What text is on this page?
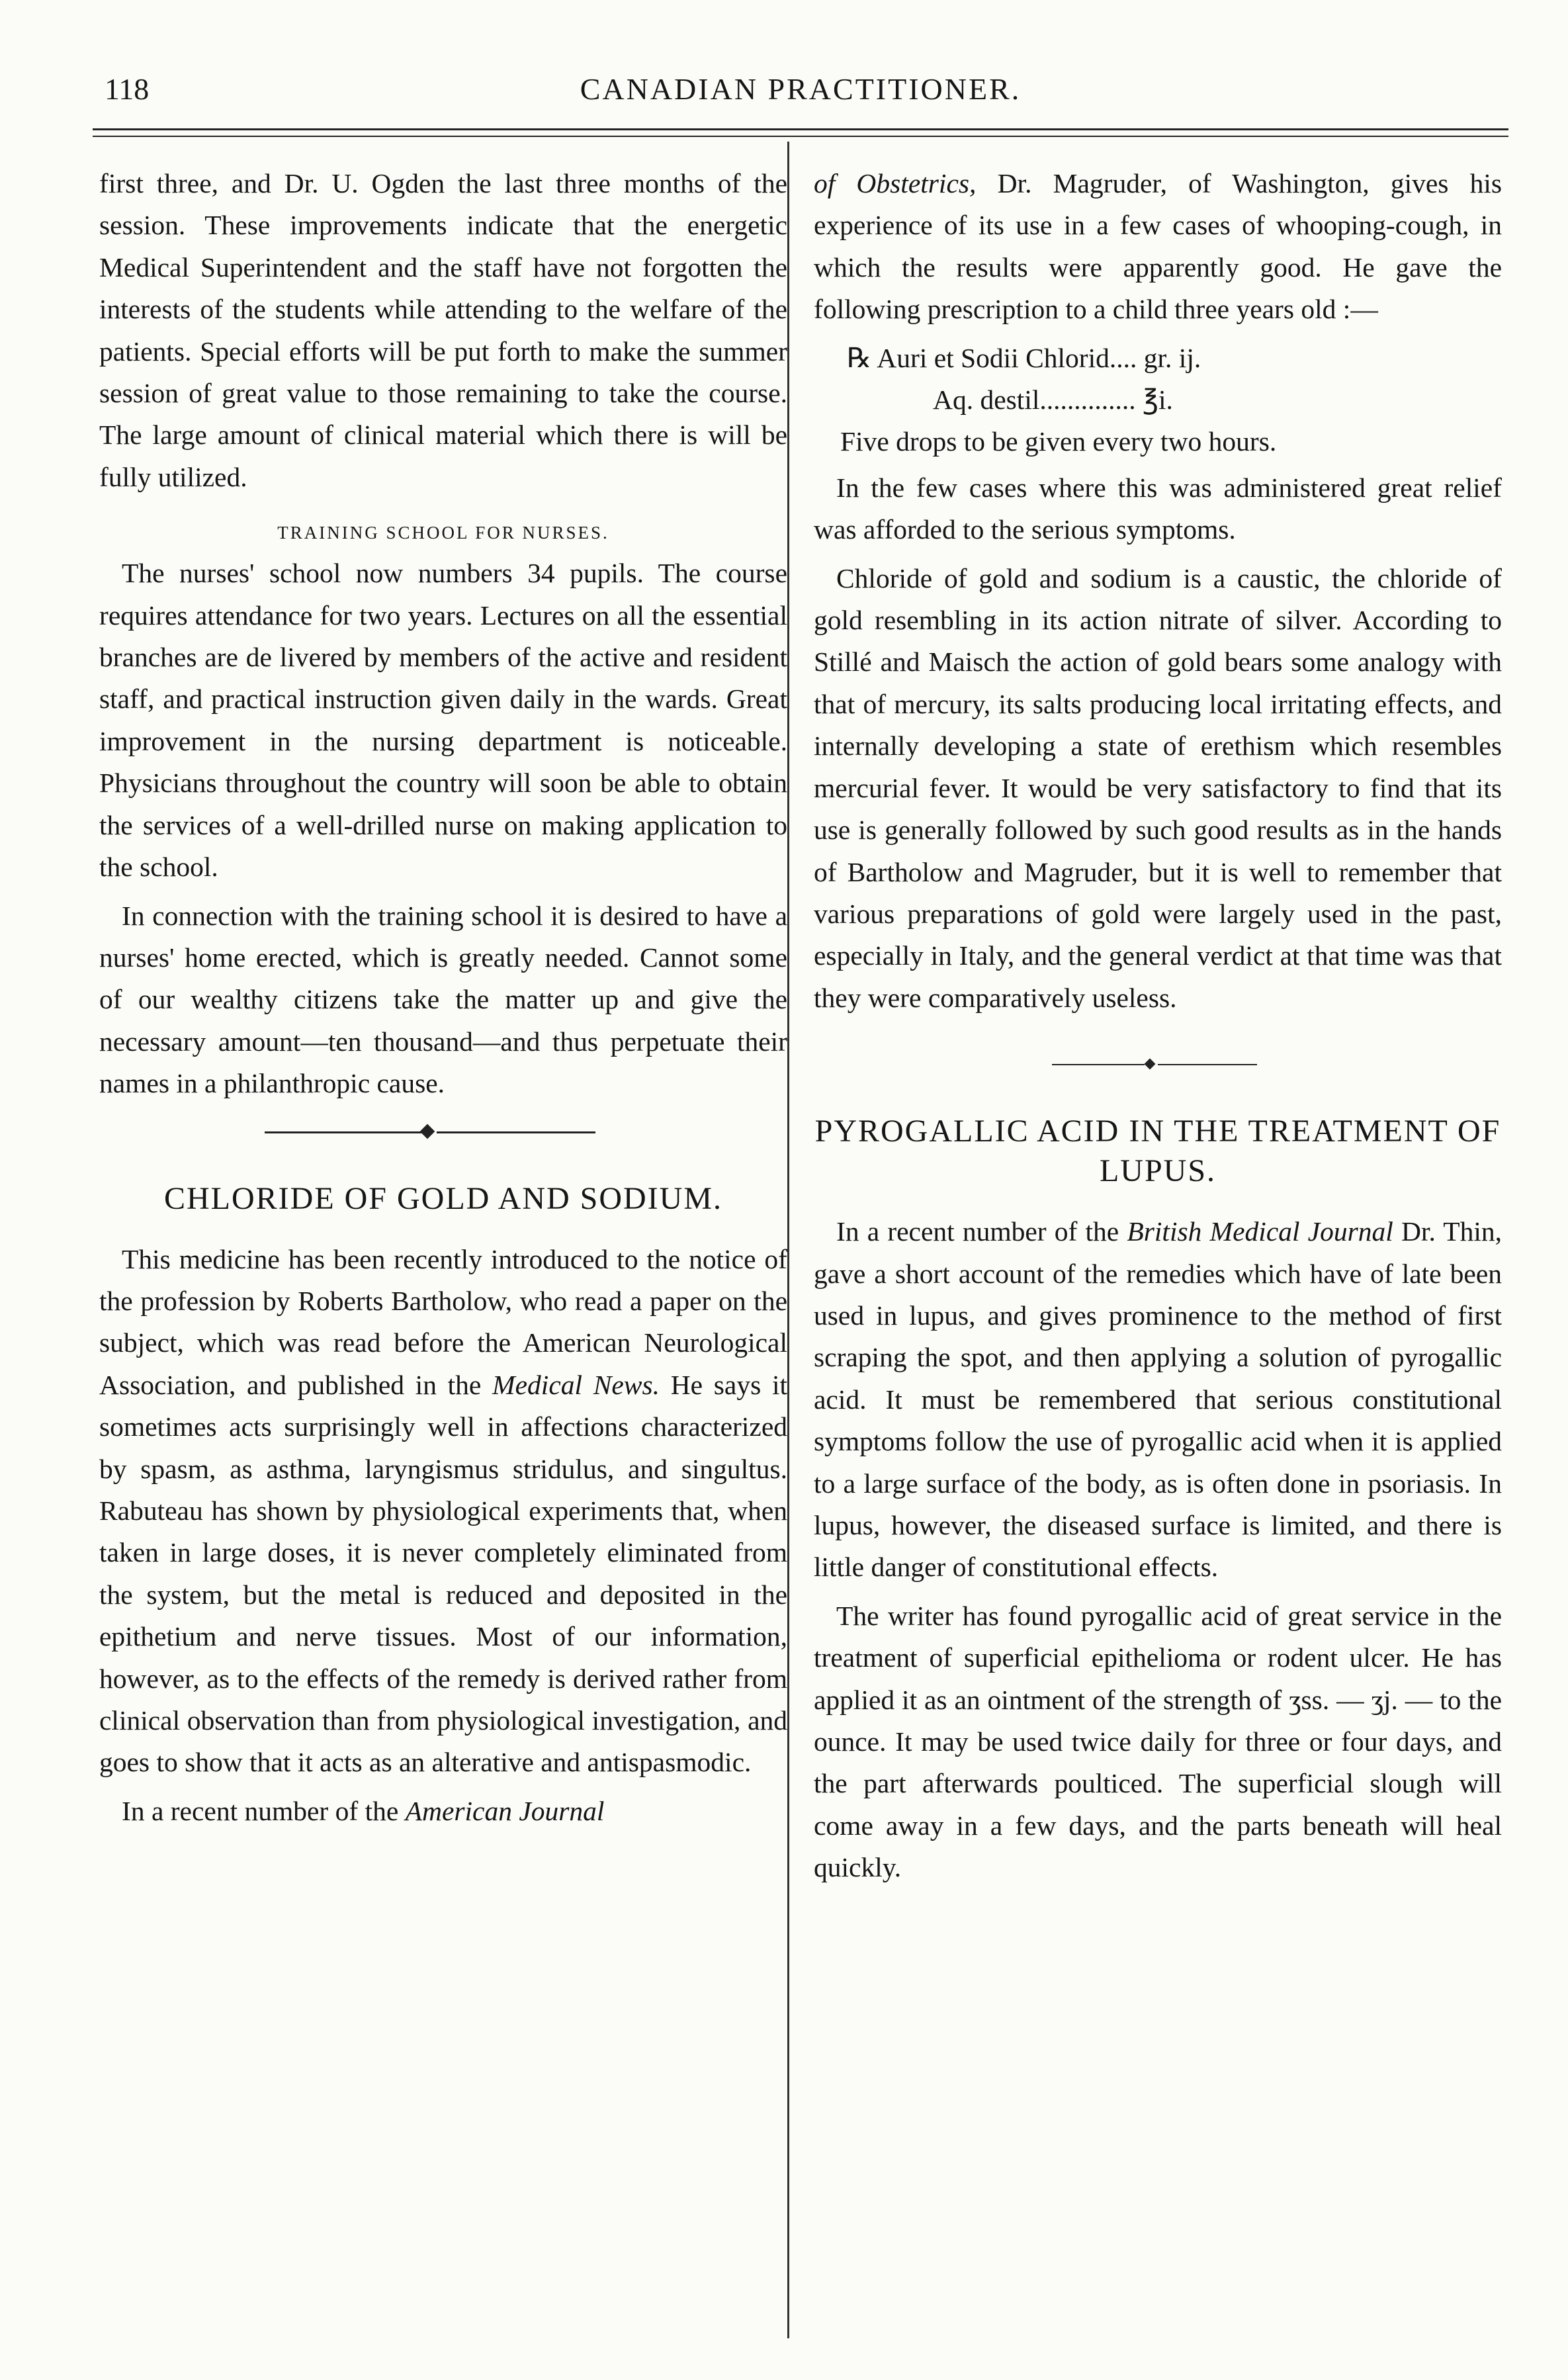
118	CANADIAN PRACTITIONER.

first three, and Dr. U. Ogden the last three months of the session. These improvements indicate that the energetic Medical Superintendent and the staff have not forgotten the interests of the students while attending to the welfare of the patients. Special efforts will be put forth to make the summer session of great value to those remaining to take the course. The large amount of clinical material which there is will be fully utilized.

TRAINING SCHOOL FOR NURSES.

The nurses' school now numbers 34 pupils. The course requires attendance for two years. Lectures on all the essential branches are de livered by members of the active and resident staff, and practical instruction given daily in the wards. Great improvement in the nursing department is noticeable. Physicians throughout the country will soon be able to obtain the services of a well-drilled nurse on making application to the school.

In connection with the training school it is desired to have a nurses' home erected, which is greatly needed. Cannot some of our wealthy citizens take the matter up and give the necessary amount—ten thousand—and thus perpetuate their names in a philanthropic cause.

CHLORIDE OF GOLD AND SODIUM.

This medicine has been recently introduced to the notice of the profession by Roberts Bartholow, who read a paper on the subject, which was read before the American Neurological Association, and published in the Medical News. He says it sometimes acts surprisingly well in affections characterized by spasm, as asthma, laryngismus stridulus, and singultus. Rabuteau has shown by physiological experiments that, when taken in large doses, it is never completely eliminated from the system, but the metal is reduced and deposited in the epithetium and nerve tissues. Most of our information, however, as to the effects of the remedy is derived rather from clinical observation than from physiological investigation, and goes to show that it acts as an alterative and antispasmodic.

In a recent number of the American Journal

of Obstetrics, Dr. Magruder, of Washington, gives his experience of its use in a few cases of whooping-cough, in which the results were apparently good. He gave the following prescription to a child three years old :—

℞ Auri et Sodii Chlorid.... gr. ij.
Aq. destil.............. ℥i.
Five drops to be given every two hours.

In the few cases where this was administered great relief was afforded to the serious symptoms.

Chloride of gold and sodium is a caustic, the chloride of gold resembling in its action nitrate of silver. According to Stillé and Maisch the action of gold bears some analogy with that of mercury, its salts producing local irritating effects, and internally developing a state of erethism which resembles mercurial fever. It would be very satisfactory to find that its use is generally followed by such good results as in the hands of Bartholow and Magruder, but it is well to remember that various preparations of gold were largely used in the past, especially in Italy, and the general verdict at that time was that they were comparatively useless.

PYROGALLIC ACID IN THE TREATMENT OF LUPUS.

In a recent number of the British Medical Journal Dr. Thin, gave a short account of the remedies which have of late been used in lupus, and gives prominence to the method of first scraping the spot, and then applying a solution of pyrogallic acid. It must be remembered that serious constitutional symptoms follow the use of pyrogallic acid when it is applied to a large surface of the body, as is often done in psoriasis. In lupus, however, the diseased surface is limited, and there is little danger of constitutional effects.

The writer has found pyrogallic acid of great service in the treatment of superficial epithelioma or rodent ulcer. He has applied it as an ointment of the strength of ʒss. — ʒj. — to the ounce. It may be used twice daily for three or four days, and the part afterwards poulticed. The superficial slough will come away in a few days, and the parts beneath will heal quickly.
